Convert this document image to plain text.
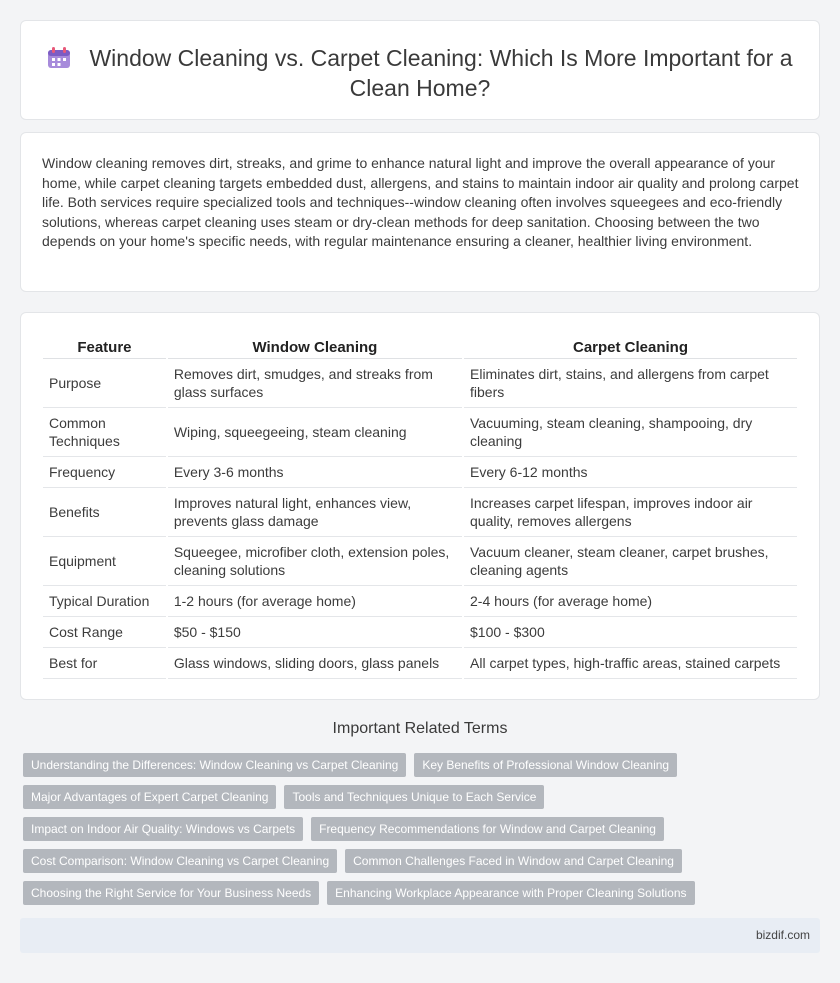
Window Cleaning vs. Carpet Cleaning: Which Is More Important for a Clean Home?

Window cleaning removes dirt, streaks, and grime to enhance natural light and improve the overall appearance of your home, while carpet cleaning targets embedded dust, allergens, and stains to maintain indoor air quality and prolong carpet life. Both services require specialized tools and techniques--window cleaning often involves squeegees and eco-friendly solutions, whereas carpet cleaning uses steam or dry-clean methods for deep sanitation. Choosing between the two depends on your home's specific needs, with regular maintenance ensuring a cleaner, healthier living environment.

Feature	Window Cleaning	Carpet Cleaning
Purpose	Removes dirt, smudges, and streaks from glass surfaces	Eliminates dirt, stains, and allergens from carpet fibers
Common Techniques	Wiping, squeegeeing, steam cleaning	Vacuuming, steam cleaning, shampooing, dry cleaning
Frequency	Every 3-6 months	Every 6-12 months
Benefits	Improves natural light, enhances view, prevents glass damage	Increases carpet lifespan, improves indoor air quality, removes allergens
Equipment	Squeegee, microfiber cloth, extension poles, cleaning solutions	Vacuum cleaner, steam cleaner, carpet brushes, cleaning agents
Typical Duration	1-2 hours (for average home)	2-4 hours (for average home)
Cost Range	$50 - $150	$100 - $300
Best for	Glass windows, sliding doors, glass panels	All carpet types, high-traffic areas, stained carpets
Important Related Terms
Understanding the Differences: Window Cleaning vs Carpet Cleaning	Key Benefits of Professional Window Cleaning
Major Advantages of Expert Carpet Cleaning	Tools and Techniques Unique to Each Service
Impact on Indoor Air Quality: Windows vs Carpets	Frequency Recommendations for Window and Carpet Cleaning
Cost Comparison: Window Cleaning vs Carpet Cleaning	Common Challenges Faced in Window and Carpet Cleaning
Choosing the Right Service for Your Business Needs	Enhancing Workplace Appearance with Proper Cleaning Solutions
bizdif.com
